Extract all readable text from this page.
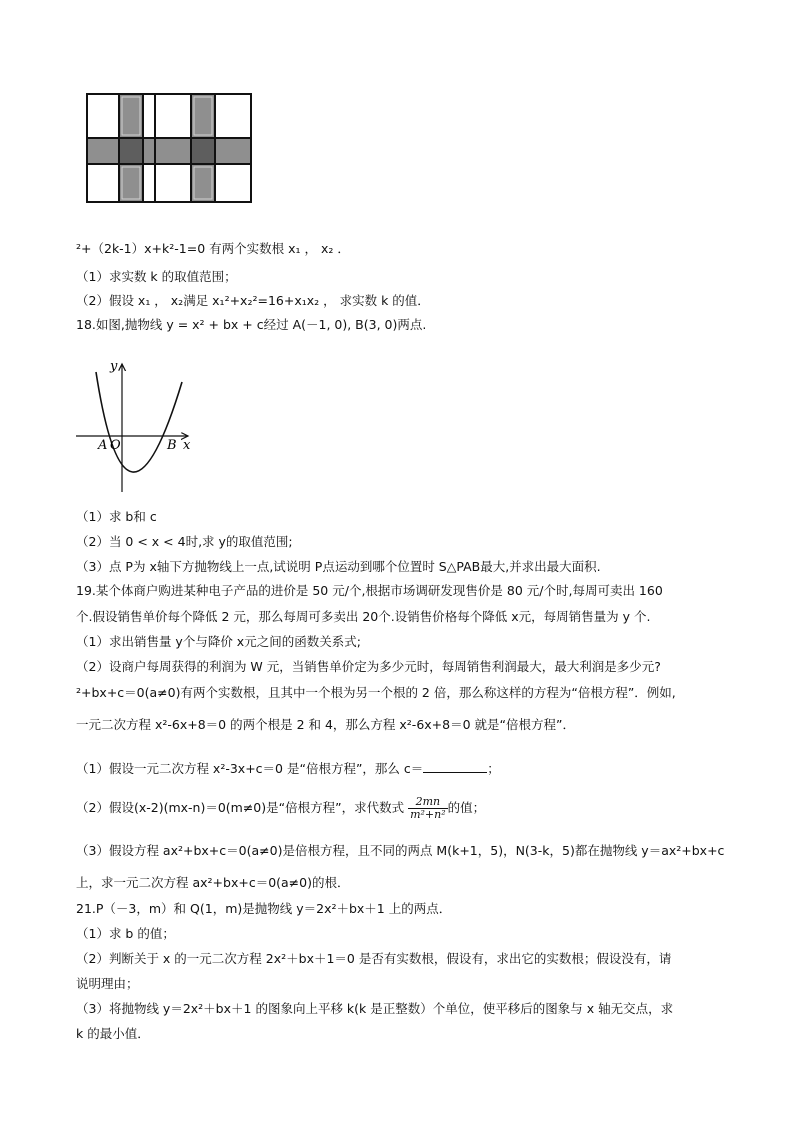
²+（2k-1）x+k²-1=0 有两个实数根 x₁ ， x₂ ．
（1）求实数 k 的取值范围；
（2）假设 x₁ ， x₂满足 x₁²+x₂²=16+x₁x₂ ， 求实数 k 的值．
18.如图,抛物线 y = x² + bx + c经过 A(－1, 0), B(3, 0)两点.
y
x
A O	B
（1）求 b和 c
（2）当 0 < x < 4时,求 y的取值范围;
（3）点 P为 x轴下方抛物线上一点,试说明 P点运动到哪个位置时 S△PAB最大,并求出最大面积.
19.某个体商户购进某种电子产品的进价是 50 元/个,根据市场调研发现售价是 80 元/个时,每周可卖出 160
个.假设销售单价每个降低 2 元，那么每周可多卖出 20个.设销售价格每个降低 x元，每周销售量为 y 个.
（1）求出销售量 y个与降价 x元之间的函数关系式;
（2）设商户每周获得的利润为 W 元，当销售单价定为多少元时，每周销售利润最大，最大利润是多少元?
²+bx+c＝0(a≠0)有两个实数根，且其中一个根为另一个根的 2 倍，那么称这样的方程为“倍根方程”．例如,
一元二次方程 x²-6x+8＝0 的两个根是 2 和 4，那么方程 x²-6x+8＝0 就是“倍根方程”．
（1）假设一元二次方程 x²-3x+c＝0 是“倍根方程”，那么 c＝	；
（2）假设(x-2)(mx-n)＝0(m≠0)是“倍根方程”，求代数式 $\frac{2mn}{\text{m²+n²}}$ 的值；
（3）假设方程 ax²+bx+c＝0(a≠0)是倍根方程，且不同的两点 M(k+1，5)，N(3-k，5)都在抛物线 y＝ax²+bx+c
上，求一元二次方程 ax²+bx+c＝0(a≠0)的根．
21.P（－3，m）和 Q(1，m)是抛物线 y＝2x²＋bx＋1 上的两点．
（1）求 b 的值；
（2）判断关于 x 的一元二次方程 2x²＋bx＋1＝0 是否有实数根，假设有，求出它的实数根；假设没有，请
说明理由；
（3）将抛物线 y＝2x²＋bx＋1 的图象向上平移 k(k 是正整数）个单位，使平移后的图象与 x 轴无交点，求
k 的最小值．
